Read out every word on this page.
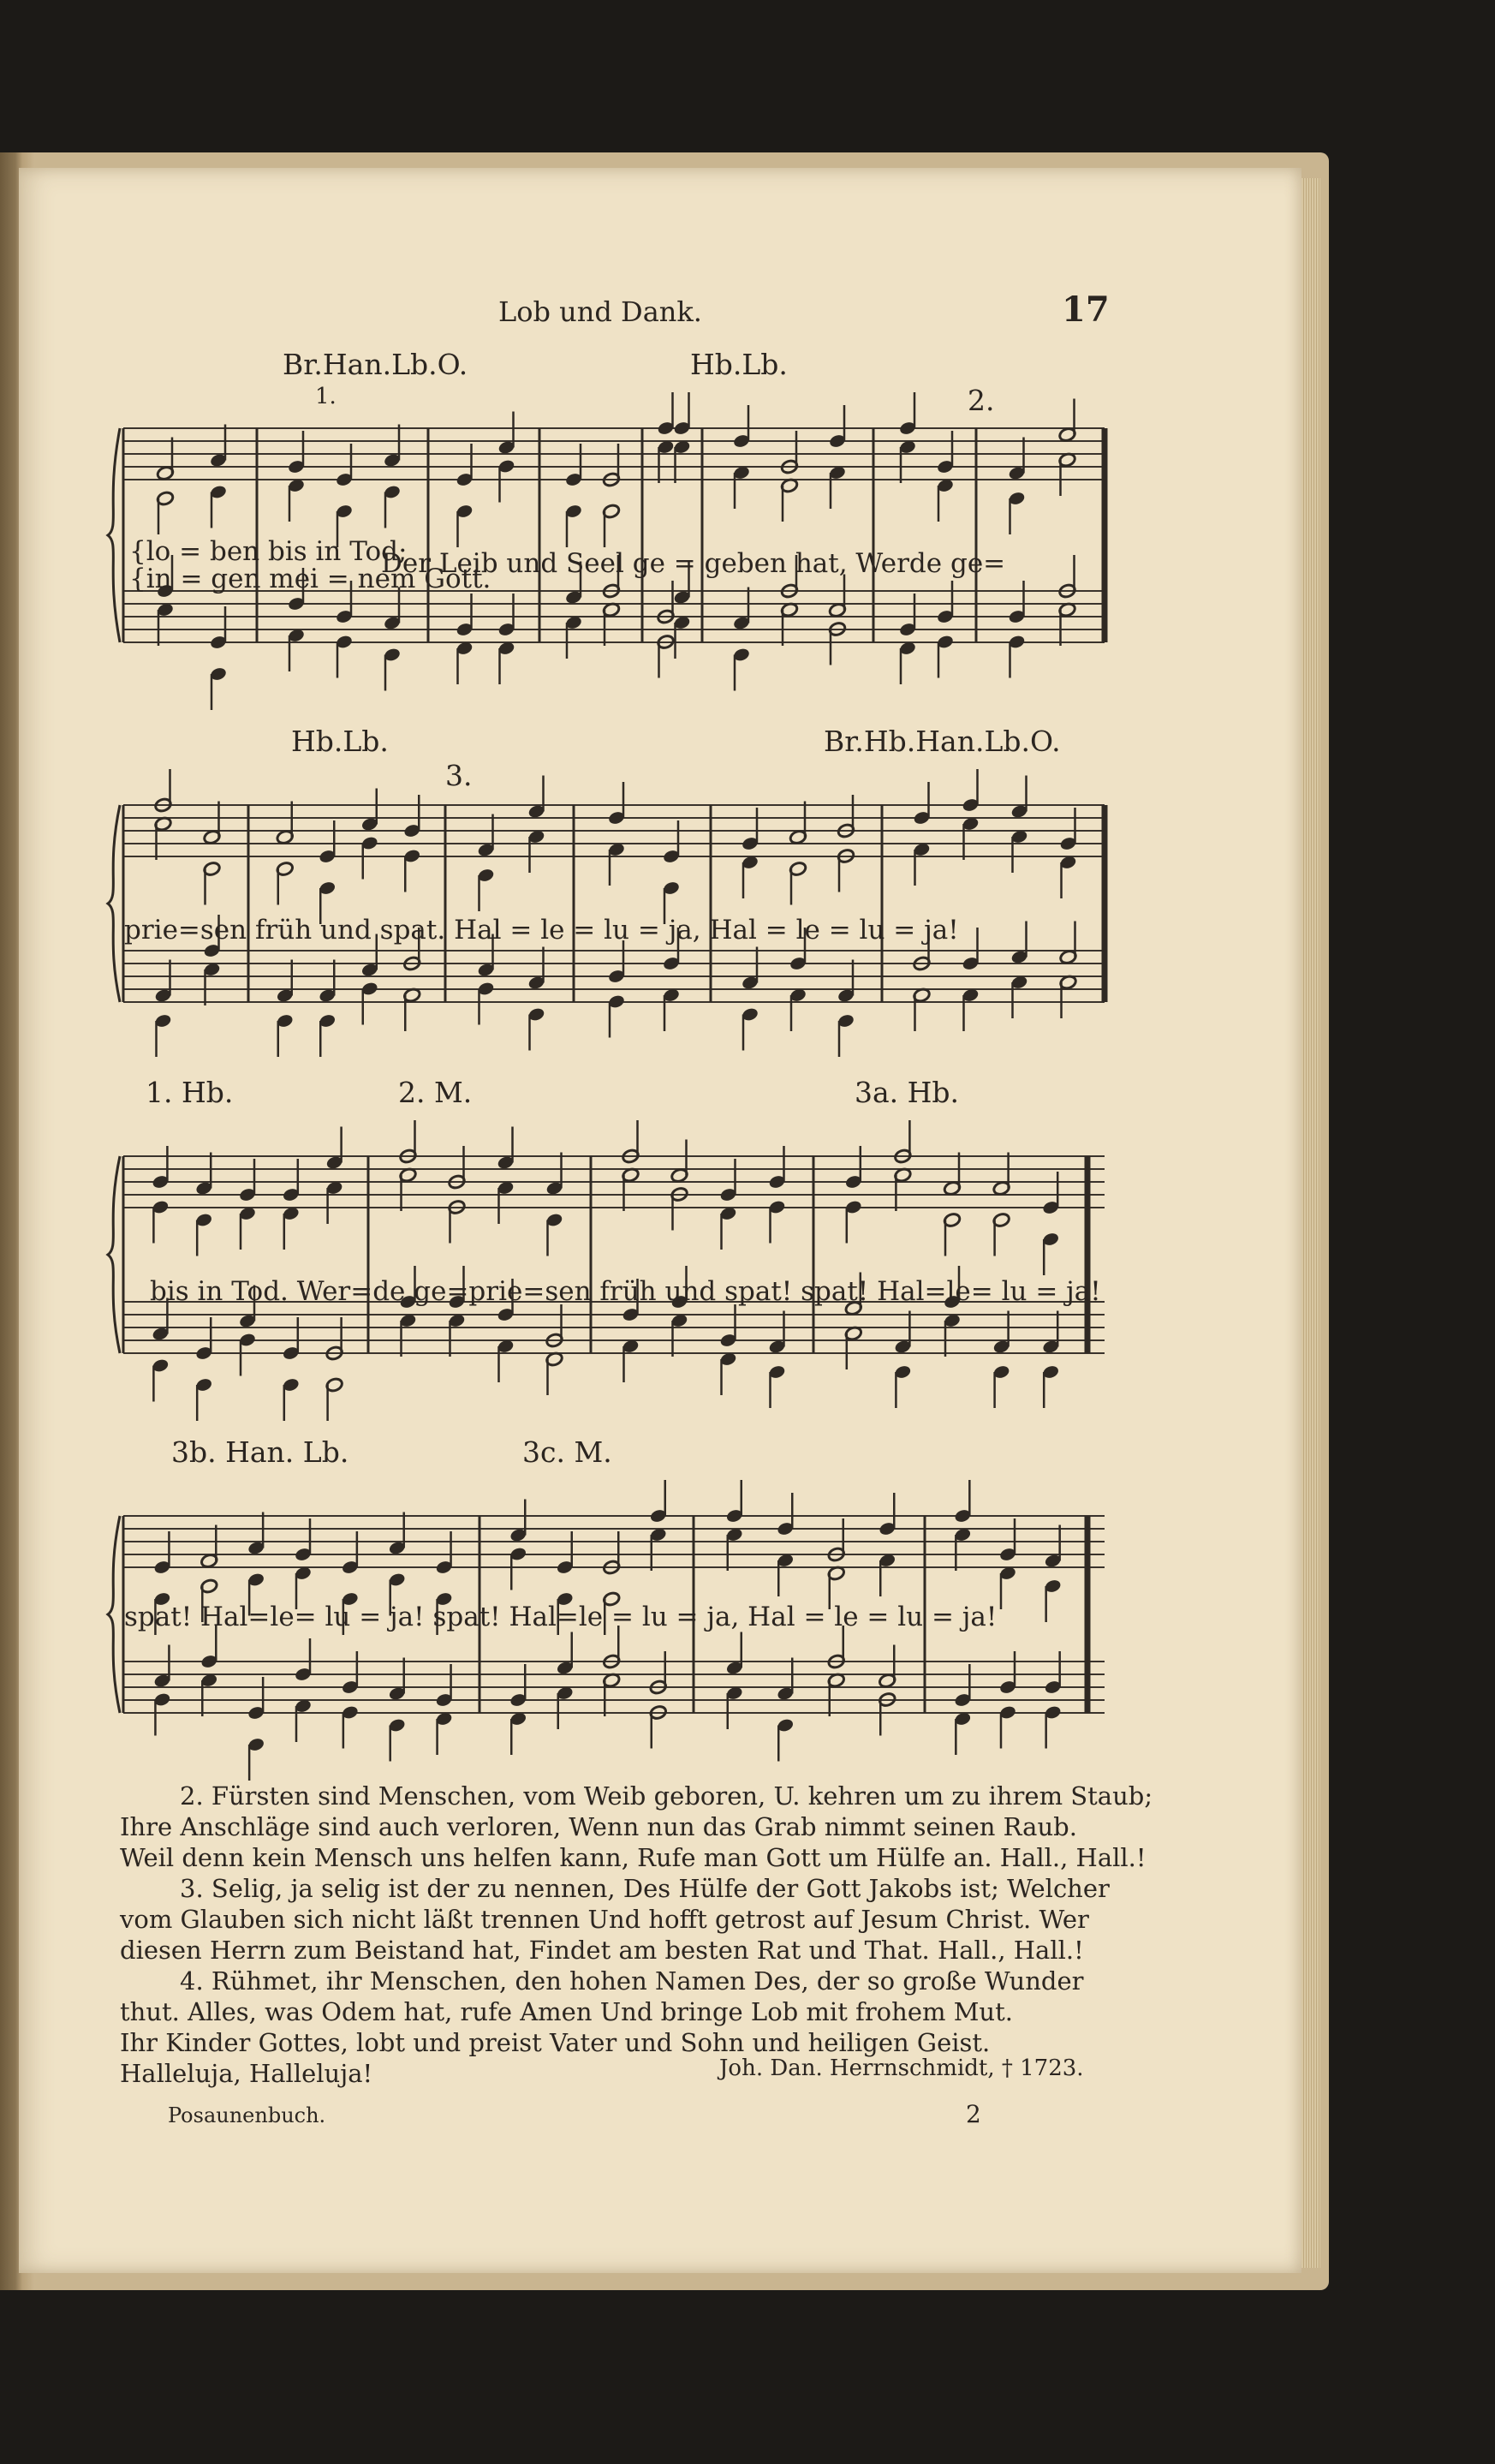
Lob und Dank.	17
2. Fürsten sind Menschen, vom Weib geboren, U. kehren um zu ihrem Staub;
Ihre Anschläge sind auch verloren, Wenn nun das Grab nimmt seinen Raub.
Weil denn kein Mensch uns helfen kann, Rufe man Gott um Hülfe an. Hall., Hall.!
3. Selig, ja selig ist der zu nennen, Des Hülfe der Gott Jakobs ist; Welcher
vom Glauben sich nicht läßt trennen Und hofft getrost auf Jesum Christ. Wer
diesen Herrn zum Beistand hat, Findet am besten Rat und That. Hall., Hall.!
4. Rühmet, ihr Menschen, den hohen Namen Des, der so große Wunder
thut. Alles, was Odem hat, rufe Amen Und bringe Lob mit frohem Mut.
Ihr Kinder Gottes, lobt und preist Vater und Sohn und heiligen Geist.
Halleluja, Halleluja!	Joh. Dan. Herrnschmidt, † 1723.
Posaunenbuch.	2
Br.Han.Lb.O.
1.
Hb.Lb.
2.
{lo = ben bis in Tod;
{in = gen mei = nem Gott.
Der Leib und Seel ge = geben hat, Werde ge=
Hb.Lb.
3.
Br.Hb.Han.Lb.O.
prie=sen früh und spat. Hal = le = lu = ja, Hal = le = lu = ja!
1. Hb.	2. M.	3a. Hb.
bis in Tod. Wer=de ge=prie=sen früh und spat! spat! Hal=le= lu = ja!
3b. Han. Lb.	3c. M.
spat! Hal=le= lu = ja! spat! Hal=le = lu = ja, Hal = le = lu = ja!
